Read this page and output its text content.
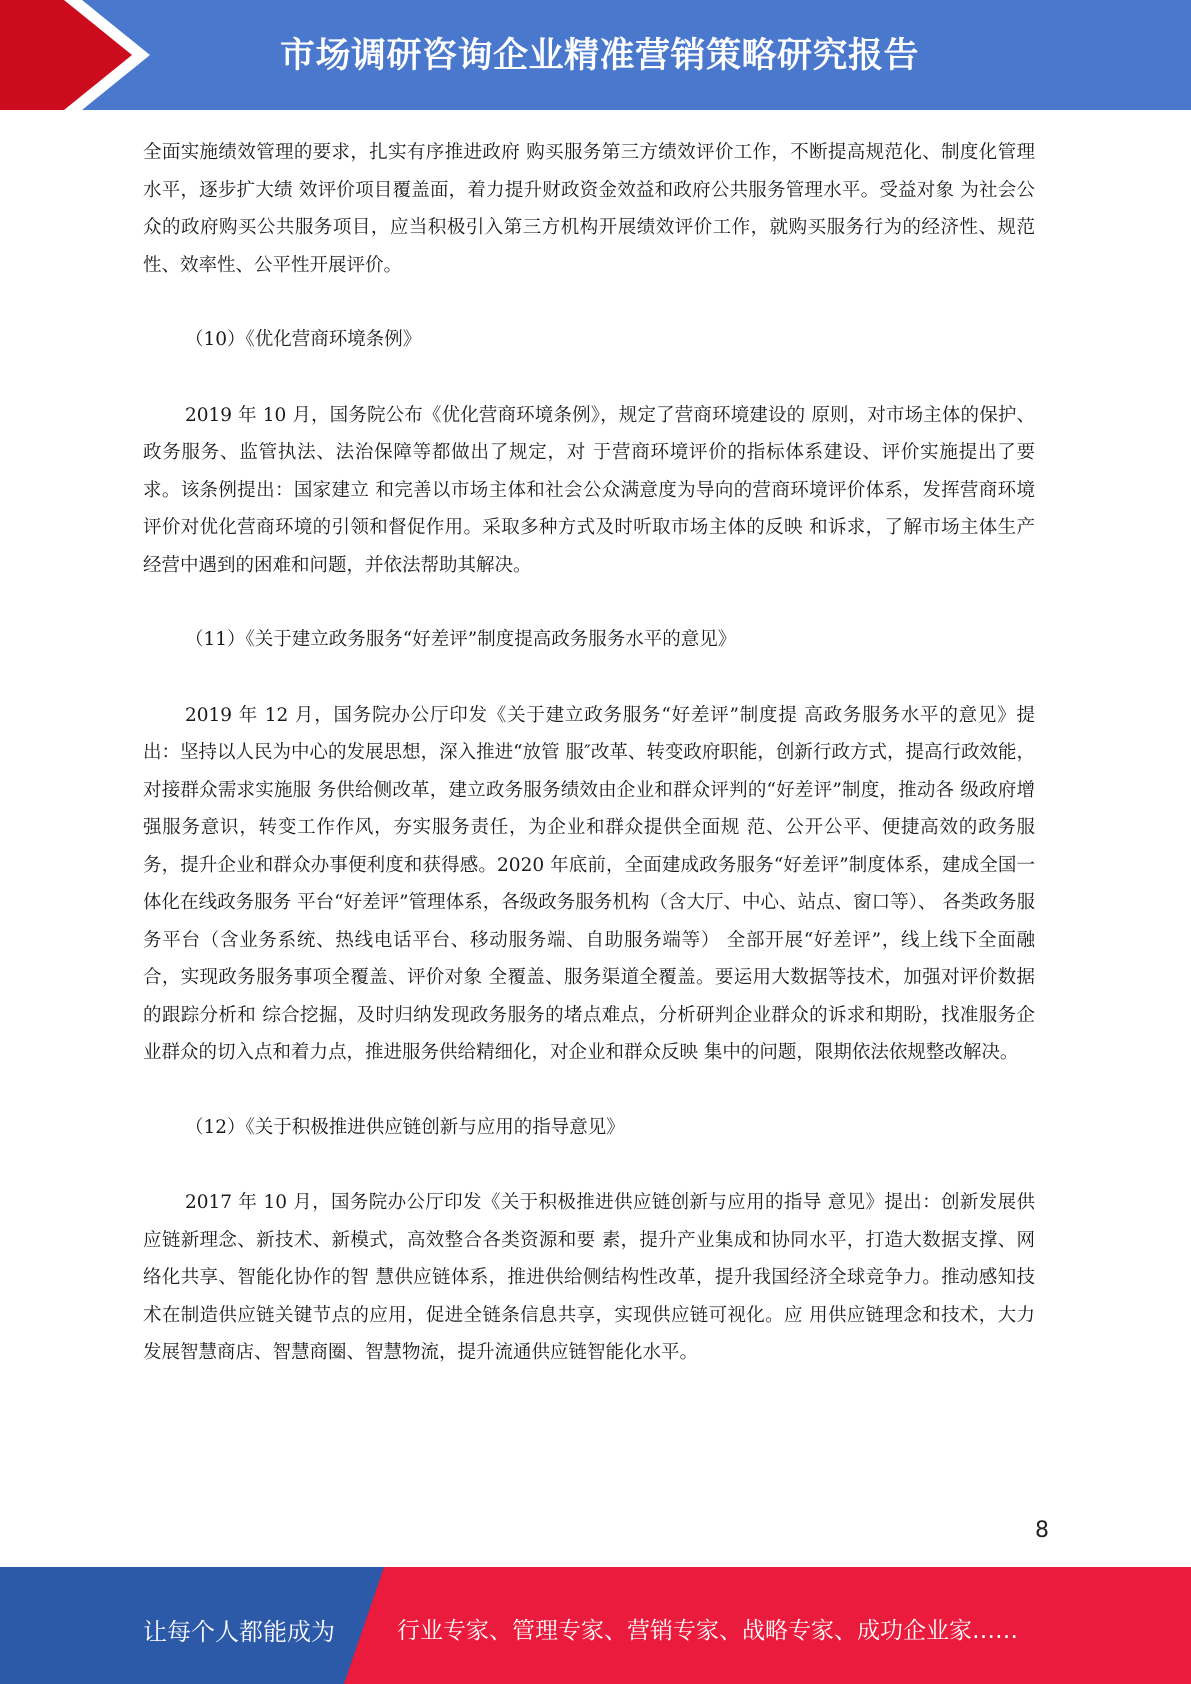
市场调研咨询企业精准营销策略研究报告

全面实施绩效管理的要求，扎实有序推进政府 购买服务第三方绩效评价工作，不断提高规范化、制度化管理水平，逐步扩大绩 效评价项目覆盖面，着力提升财政资金效益和政府公共服务管理水平。受益对象 为社会公众的政府购买公共服务项目，应当积极引入第三方机构开展绩效评价工作，就购买服务行为的经济性、规范性、效率性、公平性开展评价。

（10）《优化营商环境条例》

2019 年 10 月，国务院公布《优化营商环境条例》，规定了营商环境建设的 原则，对市场主体的保护、政务服务、监管执法、法治保障等都做出了规定，对 于营商环境评价的指标体系建设、评价实施提出了要求。该条例提出：国家建立 和完善以市场主体和社会公众满意度为导向的营商环境评价体系，发挥营商环境 评价对优化营商环境的引领和督促作用。采取多种方式及时听取市场主体的反映 和诉求，了解市场主体生产经营中遇到的困难和问题，并依法帮助其解决。

（11）《关于建立政务服务“好差评”制度提高政务服务水平的意见》

2019 年 12 月，国务院办公厅印发《关于建立政务服务“好差评”制度提 高政务服务水平的意见》提出：坚持以人民为中心的发展思想，深入推进“放管 服″改革、转变政府职能，创新行政方式，提高行政效能，对接群众需求实施服 务供给侧改革，建立政务服务绩效由企业和群众评判的“好差评”制度，推动各 级政府增强服务意识，转变工作作风，夯实服务责任，为企业和群众提供全面规 范、公开公平、便捷高效的政务服务，提升企业和群众办事便利度和获得感。2020 年底前，全面建成政务服务“好差评”制度体系，建成全国一体化在线政务服务 平台“好差评”管理体系，各级政务服务机构（含大厅、中心、站点、窗口等）、 各类政务服务平台（含业务系统、热线电话平台、移动服务端、自助服务端等） 全部开展“好差评”，线上线下全面融合，实现政务服务事项全覆盖、评价对象 全覆盖、服务渠道全覆盖。要运用大数据等技术，加强对评价数据的跟踪分析和 综合挖掘，及时归纳发现政务服务的堵点难点，分析研判企业群众的诉求和期盼，找准服务企业群众的切入点和着力点，推进服务供给精细化，对企业和群众反映 集中的问题，限期依法依规整改解决。

（12）《关于积极推进供应链创新与应用的指导意见》

2017 年 10 月，国务院办公厅印发《关于积极推进供应链创新与应用的指导 意见》提出：创新发展供应链新理念、新技术、新模式，高效整合各类资源和要 素，提升产业集成和协同水平，打造大数据支撑、网络化共享、智能化协作的智 慧供应链体系，推进供给侧结构性改革，提升我国经济全球竞争力。推动感知技 术在制造供应链关键节点的应用，促进全链条信息共享，实现供应链可视化。应 用供应链理念和技术，大力发展智慧商店、智慧商圈、智慧物流，提升流通供应链智能化水平。

8
让每个人都能成为	行业专家、管理专家、营销专家、战略专家、成功企业家……
